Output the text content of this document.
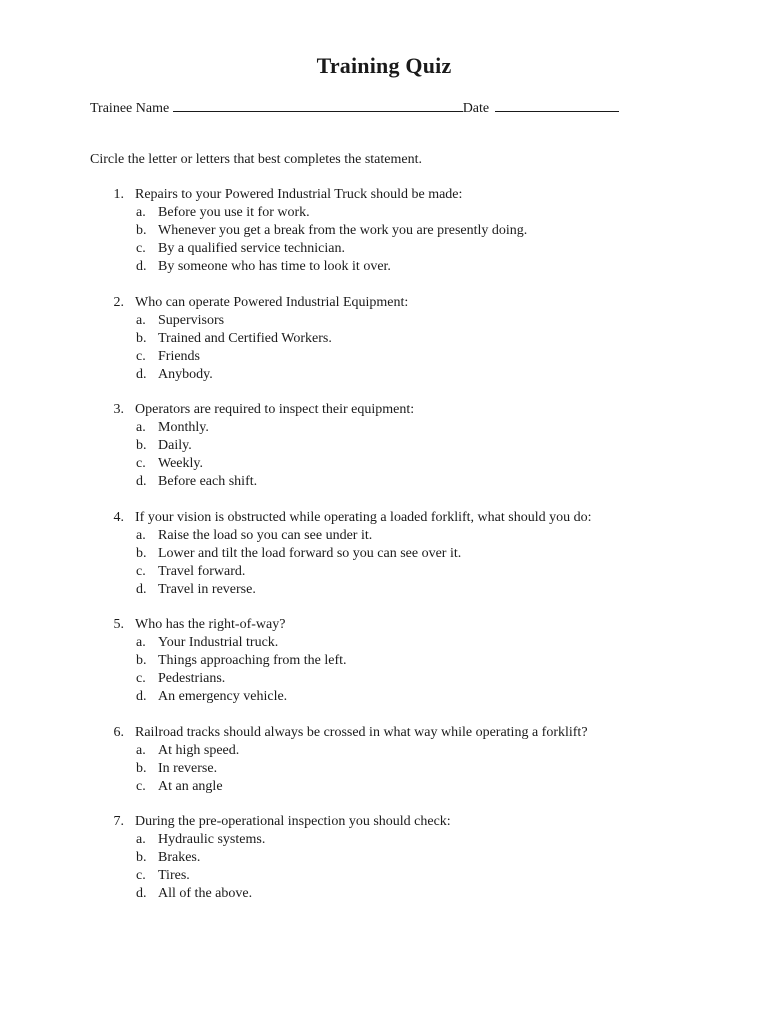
Training Quiz
Trainee Name	Date
Circle the letter or letters that best completes the statement.
1. Repairs to your Powered Industrial Truck should be made:
a. Before you use it for work.
b. Whenever you get a break from the work you are presently doing.
c. By a qualified service technician.
d. By someone who has time to look it over.
2. Who can operate Powered Industrial Equipment:
a. Supervisors
b. Trained and Certified Workers.
c. Friends
d. Anybody.
3. Operators are required to inspect their equipment:
a. Monthly.
b. Daily.
c. Weekly.
d. Before each shift.
4. If your vision is obstructed while operating a loaded forklift, what should you do:
a. Raise the load so you can see under it.
b. Lower and tilt the load forward so you can see over it.
c. Travel forward.
d. Travel in reverse.
5. Who has the right-of-way?
a. Your Industrial truck.
b. Things approaching from the left.
c. Pedestrians.
d. An emergency vehicle.
6. Railroad tracks should always be crossed in what way while operating a forklift?
a. At high speed.
b. In reverse.
c. At an angle
7. During the pre-operational inspection you should check:
a. Hydraulic systems.
b. Brakes.
c. Tires.
d. All of the above.
